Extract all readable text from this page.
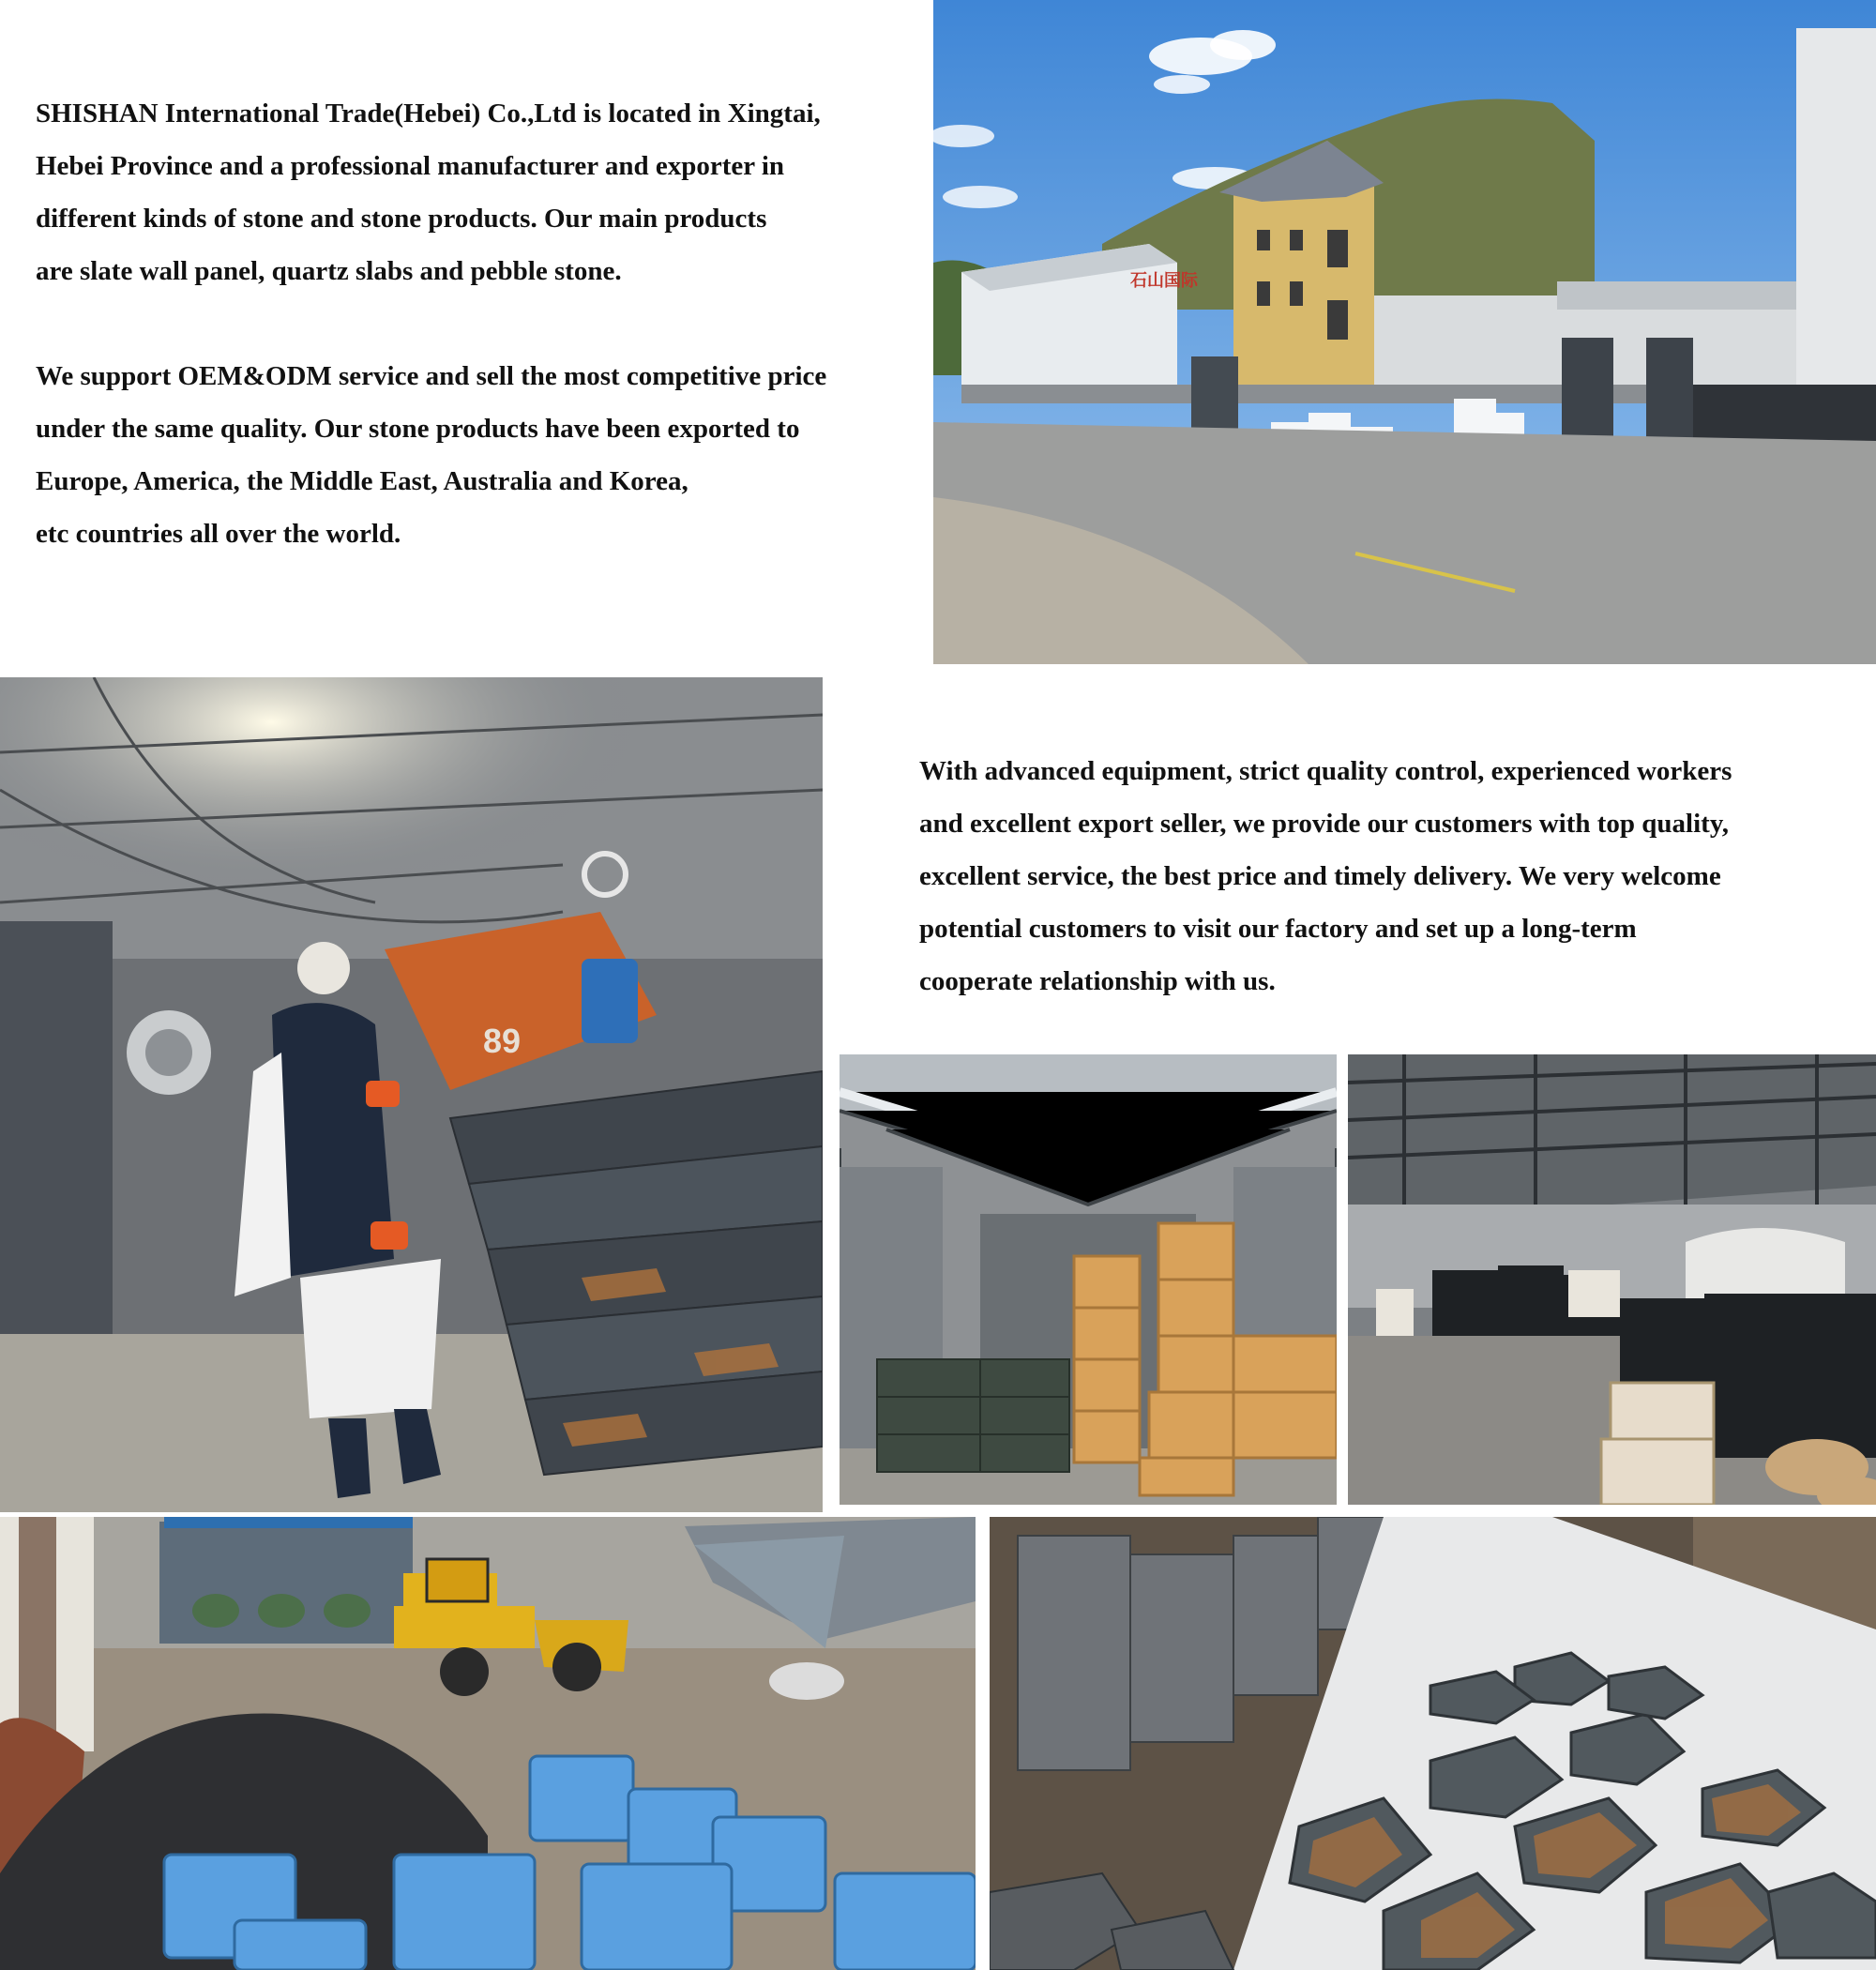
SHISHAN International Trade(Hebei) Co.,Ltd is located in Xingtai,

Hebei Province and a professional manufacturer and exporter in

different kinds of stone and stone products. Our main products

are slate wall panel, quartz slabs and pebble stone.

We support OEM&ODM service and sell the most competitive price

under the same quality. Our stone products have been exported to

Europe, America, the Middle East, Australia and Korea,

etc countries all over the world.

石山国际
89

With advanced equipment, strict quality control, experienced workers

and excellent export seller, we provide our customers with top quality,

excellent service, the best price and timely delivery. We very welcome

potential customers to visit our factory and set up a long-term

cooperate relationship with us.
